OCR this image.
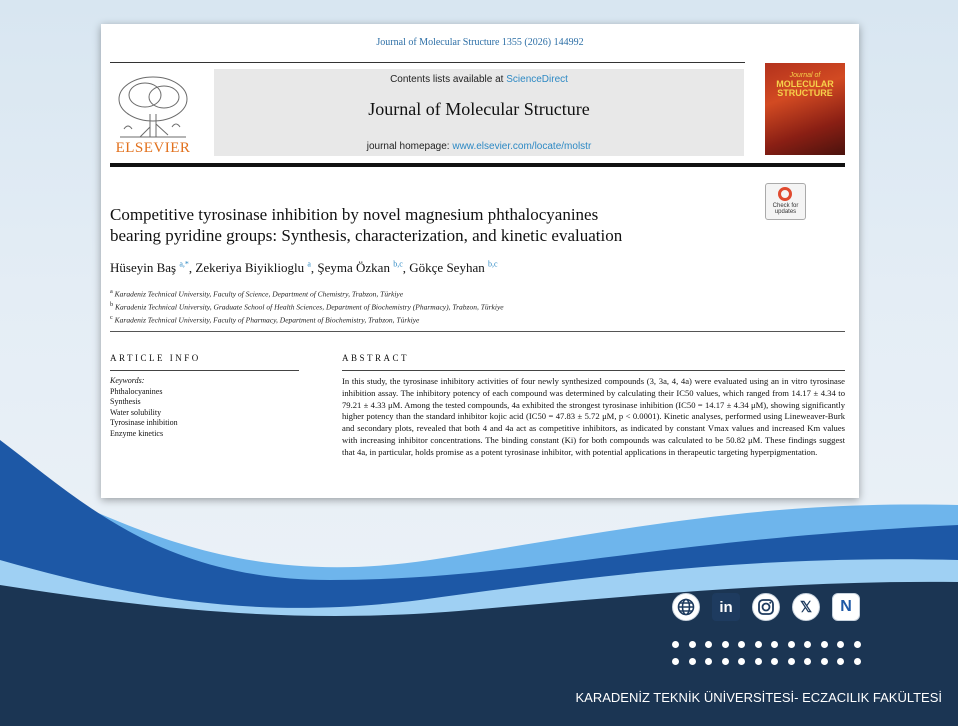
Journal of Molecular Structure 1355 (2026) 144992
ELSEVIER
Contents lists available at ScienceDirect
Journal of Molecular Structure
journal homepage: www.elsevier.com/locate/molstr
Journal of
MOLECULAR
STRUCTURE
Check for
updates
Competitive tyrosinase inhibition by novel magnesium phthalocyanines
bearing pyridine groups: Synthesis, characterization, and kinetic evaluation
Hüseyin Baş $^{a,*}$, Zekeriya Biyiklioglu $^a$, Şeyma Özkan $^{b,c}$, Gökçe Seyhan $^{b,c}$
$^a$ Karadeniz Technical University, Faculty of Science, Department of Chemistry, Trabzon, Türkiye
$^b$ Karadeniz Technical University, Graduate School of Health Sciences, Department of Biochemistry (Pharmacy), Trabzon, Türkiye
$^c$ Karadeniz Technical University, Faculty of Pharmacy, Department of Biochemistry, Trabzon, Türkiye
ARTICLE INFO	ABSTRACT
Keywords:
Phthalocyanines
Synthesis
Water solubility
Tyrosinase inhibition
Enzyme kinetics
In this study, the tyrosinase inhibitory activities of four newly synthesized compounds (3, 3a, 4, 4a) were evaluated using an in vitro tyrosinase inhibition assay. The inhibitory potency of each compound was determined by calculating their IC50 values, which ranged from 14.17 ± 4.34 to 79.21 ± 4.33 μM. Among the tested compounds, 4a exhibited the strongest tyrosinase inhibition (IC50 = 14.17 ± 4.34 μM), showing significantly higher potency than the standard inhibitor kojic acid (IC50 = 47.83 ± 5.72 μM, p < 0.0001). Kinetic analyses, performed using Lineweaver-Burk and secondary plots, revealed that both 4 and 4a act as competitive inhibitors, as indicated by constant Vmax values and increased Km values with increasing inhibitor concentrations. The binding constant (Ki) for both compounds was calculated to be 50.82 μM. These findings suggest that 4a, in particular, holds promise as a potent tyrosinase inhibitor, with potential applications in therapeutic targeting hyperpigmentation.
in	𝕏 N
KARADENİZ TEKNİK ÜNİVERSİTESİ- ECZACILIK FAKÜLTESİ
